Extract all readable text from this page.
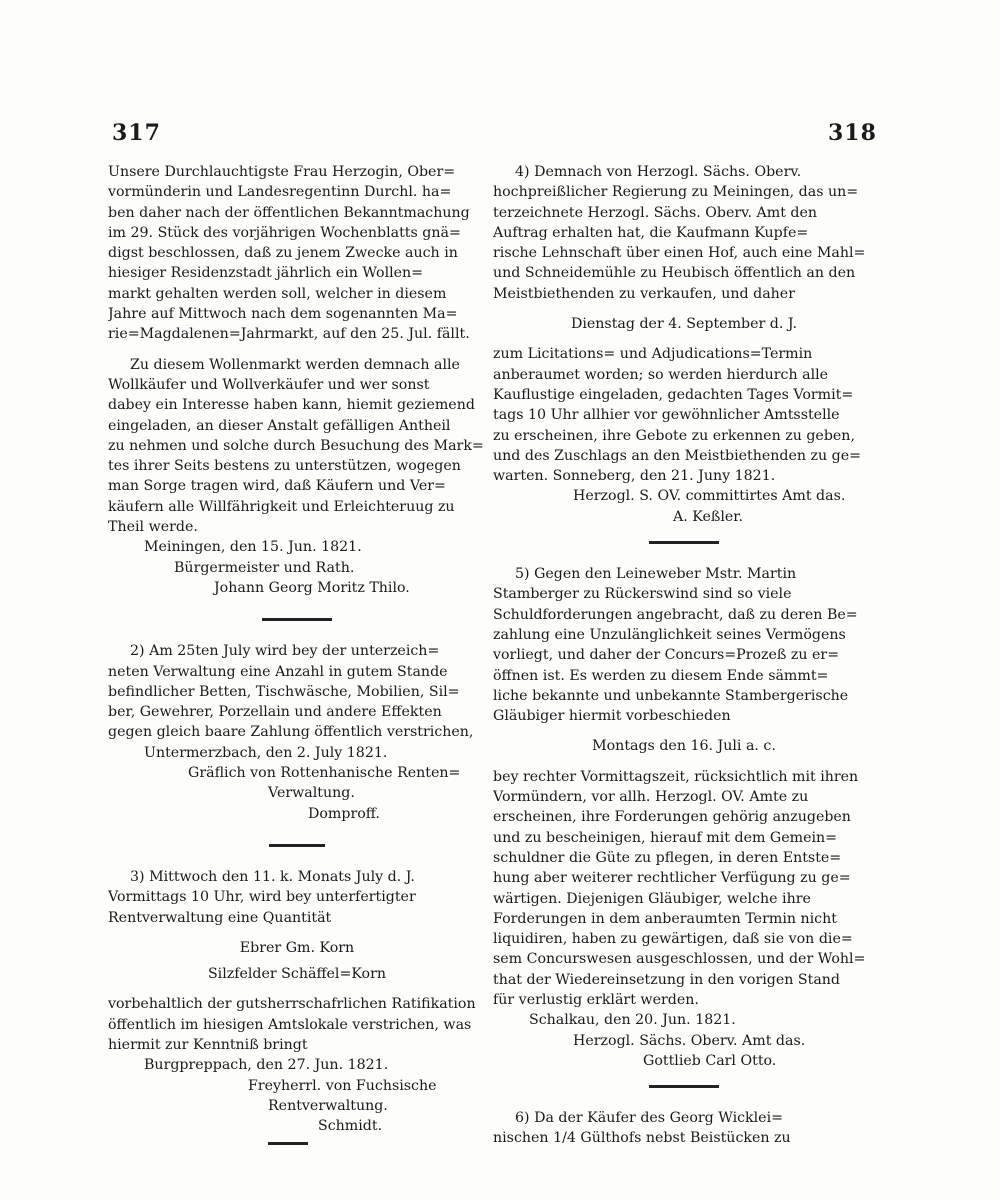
317	318
Unsere Durchlauchtigste Frau Herzogin, Ober=
vormünderin und Landesregentinn Durchl. ha=
ben daher nach der öffentlichen Bekanntmachung
im 29. Stück des vorjährigen Wochenblatts gnä=
digst beschlossen, daß zu jenem Zwecke auch in
hiesiger Residenzstadt jährlich ein Wollen=
markt gehalten werden soll, welcher in diesem
Jahre auf Mittwoch nach dem sogenannten Ma=
rie=Magdalenen=Jahrmarkt, auf den 25. Jul. fällt.
Zu diesem Wollenmarkt werden demnach alle
Wollkäufer und Wollverkäufer und wer sonst
dabey ein Interesse haben kann, hiemit geziemend
eingeladen, an dieser Anstalt gefälligen Antheil
zu nehmen und solche durch Besuchung des Mark=
tes ihrer Seits bestens zu unterstützen, wogegen
man Sorge tragen wird, daß Käufern und Ver=
käufern alle Willfährigkeit und Erleichteruug zu
Theil werde.
Meiningen, den 15. Jun. 1821.
Bürgermeister und Rath.
Johann Georg Moritz Thilo.
2) Am 25ten July wird bey der unterzeich=
neten Verwaltung eine Anzahl in gutem Stande
befindlicher Betten, Tischwäsche, Mobilien, Sil=
ber, Gewehrer, Porzellain und andere Effekten
gegen gleich baare Zahlung öffentlich verstrichen,
Untermerzbach, den 2. July 1821.
Gräflich von Rottenhanische Renten=
Verwaltung.
Domproff.
3) Mittwoch den 11. k. Monats July d. J.
Vormittags 10 Uhr, wird bey unterfertigter
Rentverwaltung eine Quantität
Ebrer Gm. Korn
Silzfelder Schäffel=Korn
vorbehaltlich der gutsherrschafrlichen Ratifikation
öffentlich im hiesigen Amtslokale verstrichen, was
hiermit zur Kenntniß bringt
Burgpreppach, den 27. Jun. 1821.
Freyherrl. von Fuchsische
Rentverwaltung.
Schmidt.
4) Demnach von Herzogl. Sächs. Oberv.
hochpreißlicher Regierung zu Meiningen, das un=
terzeichnete Herzogl. Sächs. Oberv. Amt den
Auftrag erhalten hat, die Kaufmann Kupfe=
rische Lehnschaft über einen Hof, auch eine Mahl=
und Schneidemühle zu Heubisch öffentlich an den
Meistbiethenden zu verkaufen, und daher
Dienstag der 4. September d. J.
zum Licitations= und Adjudications=Termin
anberaumet worden; so werden hierdurch alle
Kauflustige eingeladen, gedachten Tages Vormit=
tags 10 Uhr allhier vor gewöhnlicher Amtsstelle
zu erscheinen, ihre Gebote zu erkennen zu geben,
und des Zuschlags an den Meistbiethenden zu ge=
warten. Sonneberg, den 21. Juny 1821.
Herzogl. S. OV. committirtes Amt das.
A. Keßler.
5) Gegen den Leineweber Mstr. Martin
Stamberger zu Rückerswind sind so viele
Schuldforderungen angebracht, daß zu deren Be=
zahlung eine Unzulänglichkeit seines Vermögens
vorliegt, und daher der Concurs=Prozeß zu er=
öffnen ist. Es werden zu diesem Ende sämmt=
liche bekannte und unbekannte Stambergerische
Gläubiger hiermit vorbeschieden
Montags den 16. Juli a. c.
bey rechter Vormittagszeit, rücksichtlich mit ihren
Vormündern, vor allh. Herzogl. OV. Amte zu
erscheinen, ihre Forderungen gehörig anzugeben
und zu bescheinigen, hierauf mit dem Gemein=
schuldner die Güte zu pflegen, in deren Entste=
hung aber weiterer rechtlicher Verfügung zu ge=
wärtigen. Diejenigen Gläubiger, welche ihre
Forderungen in dem anberaumten Termin nicht
liquidiren, haben zu gewärtigen, daß sie von die=
sem Concurswesen ausgeschlossen, und der Wohl=
that der Wiedereinsetzung in den vorigen Stand
für verlustig erklärt werden.
Schalkau, den 20. Jun. 1821.
Herzogl. Sächs. Oberv. Amt das.
Gottlieb Carl Otto.
6) Da der Käufer des Georg Wicklei=
nischen 1/4 Gülthofs nebst Beistücken zu
